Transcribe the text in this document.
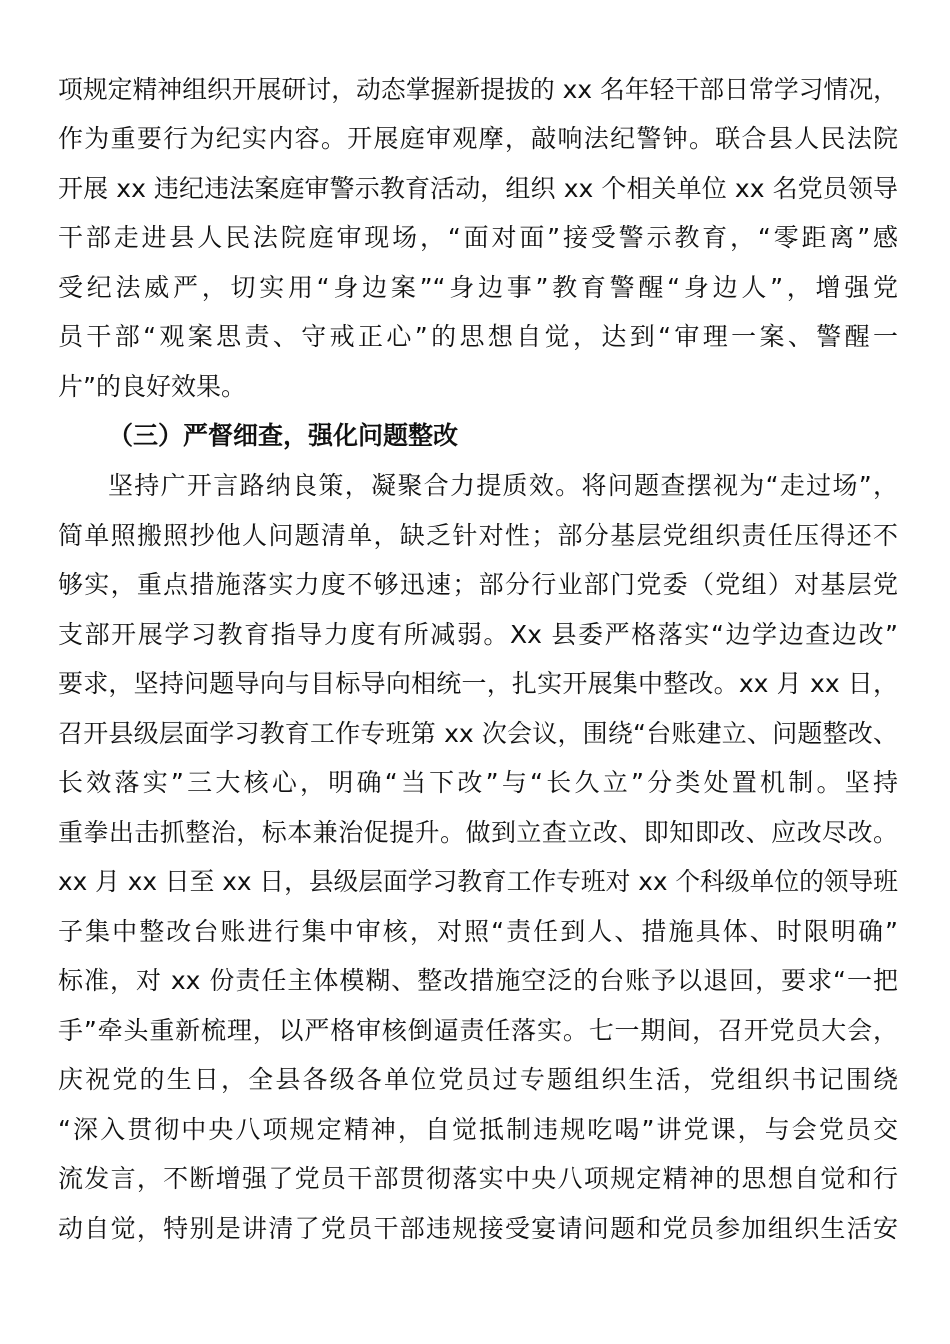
项规定精神组织开展研讨，动态掌握新提拔的 xx 名年轻干部日常学习情况，
作为重要行为纪实内容。开展庭审观摩，敲响法纪警钟。联合县人民法院
开展 xx 违纪违法案庭审警示教育活动，组织 xx 个相关单位 xx 名党员领导
干部走进县人民法院庭审现场，“面对面”接受警示教育，“零距离”感
受纪法威严，切实用“身边案”“身边事”教育警醒“身边人”，增强党
员干部“观案思责、守戒正心”的思想自觉，达到“审理一案、警醒一
片”的良好效果。
（三）严督细查，强化问题整改
坚持广开言路纳良策，凝聚合力提质效。将问题查摆视为“走过场”，
简单照搬照抄他人问题清单，缺乏针对性；部分基层党组织责任压得还不
够实，重点措施落实力度不够迅速；部分行业部门党委（党组）对基层党
支部开展学习教育指导力度有所减弱。Xx 县委严格落实“边学边查边改”
要求，坚持问题导向与目标导向相统一，扎实开展集中整改。xx 月 xx 日，
召开县级层面学习教育工作专班第 xx 次会议，围绕“台账建立、问题整改、
长效落实”三大核心，明确“当下改”与“长久立”分类处置机制。坚持
重拳出击抓整治，标本兼治促提升。做到立查立改、即知即改、应改尽改。
xx 月 xx 日至 xx 日，县级层面学习教育工作专班对 xx 个科级单位的领导班
子集中整改台账进行集中审核，对照“责任到人、措施具体、时限明确”
标准，对 xx 份责任主体模糊、整改措施空泛的台账予以退回，要求“一把
手”牵头重新梳理，以严格审核倒逼责任落实。七一期间，召开党员大会，
庆祝党的生日，全县各级各单位党员过专题组织生活，党组织书记围绕
“深入贯彻中央八项规定精神，自觉抵制违规吃喝”讲党课，与会党员交
流发言，不断增强了党员干部贯彻落实中央八项规定精神的思想自觉和行
动自觉，特别是讲清了党员干部违规接受宴请问题和党员参加组织生活安
